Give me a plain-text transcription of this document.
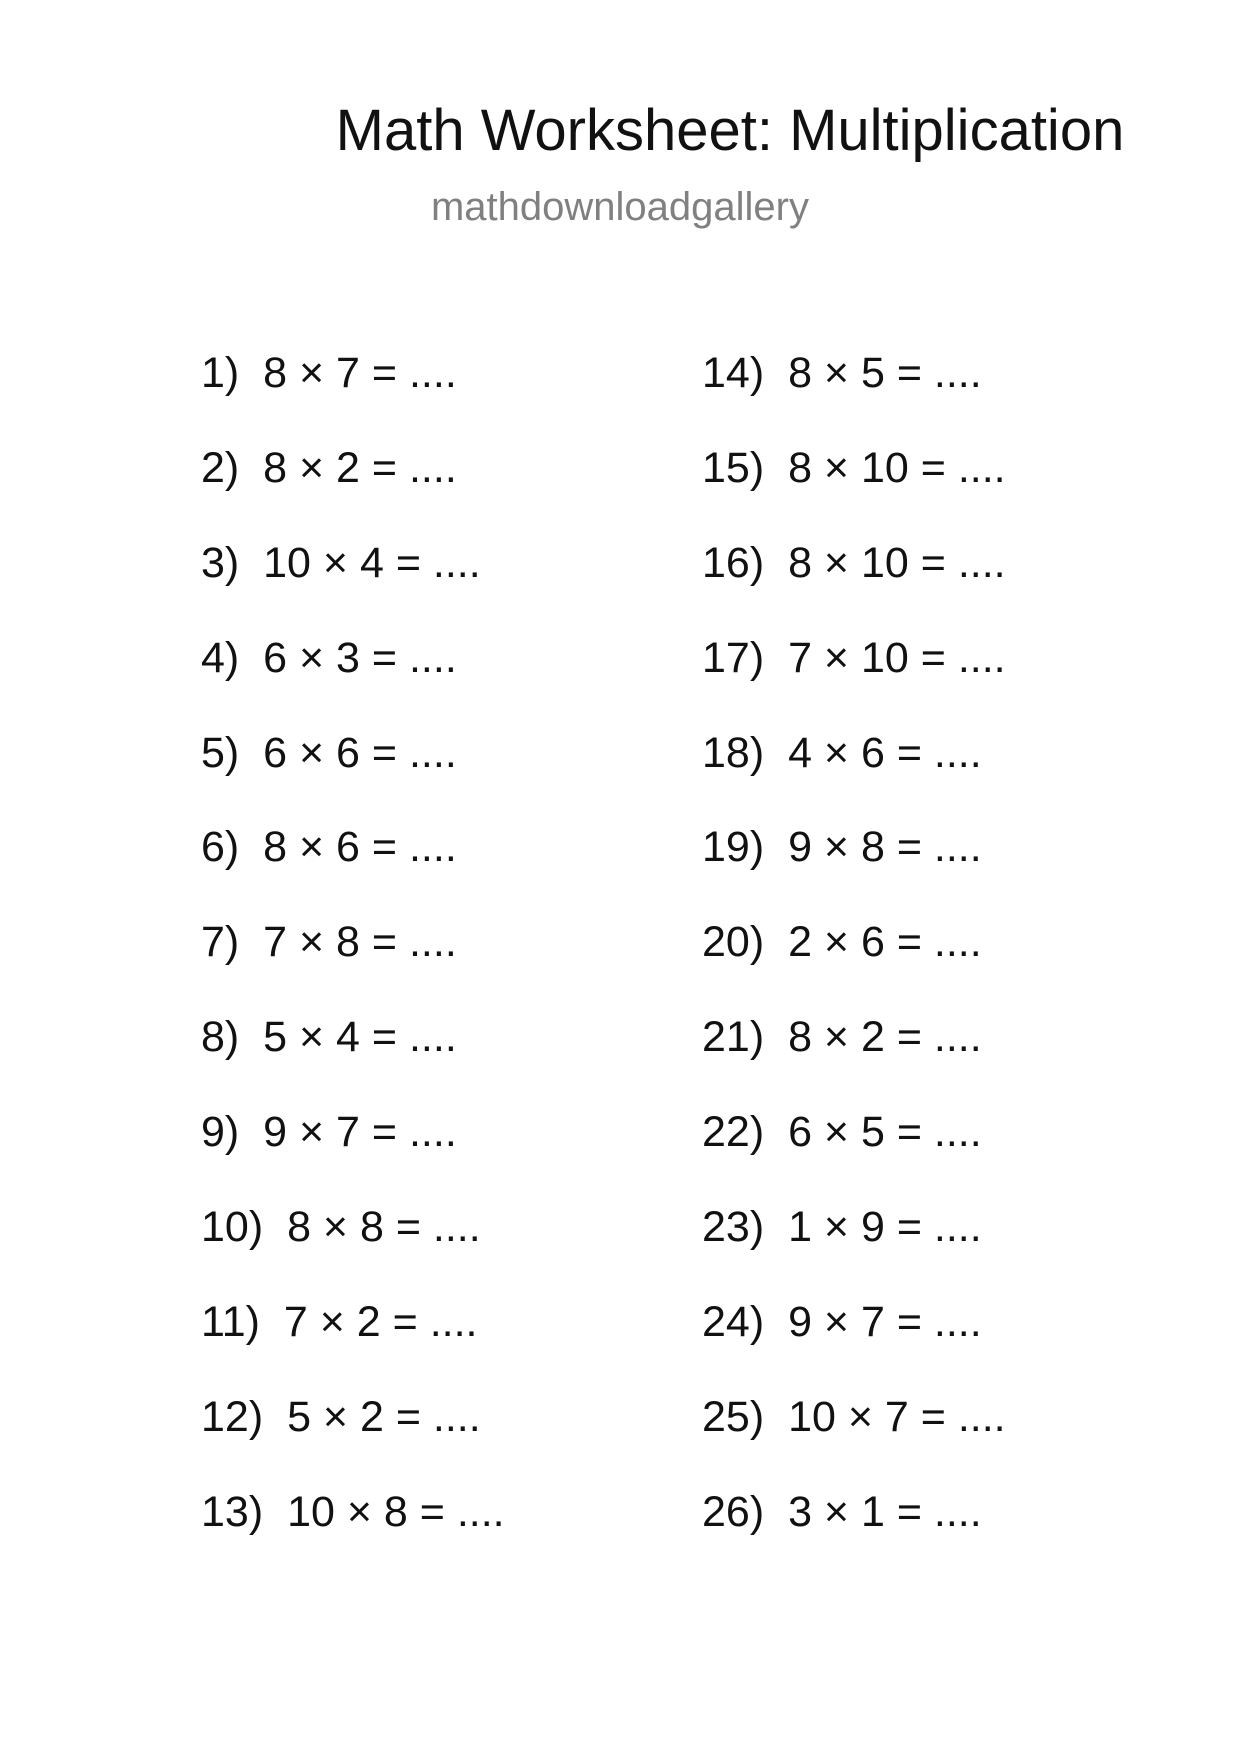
Math Worksheet: Multiplication
mathdownloadgallery
1) 8 × 7 = ....
2) 8 × 2 = ....
3) 10 × 4 = ....
4) 6 × 3 = ....
5) 6 × 6 = ....
6) 8 × 6 = ....
7) 7 × 8 = ....
8) 5 × 4 = ....
9) 9 × 7 = ....
10) 8 × 8 = ....
11) 7 × 2 = ....
12) 5 × 2 = ....
13) 10 × 8 = ....
14) 8 × 5 = ....
15) 8 × 10 = ....
16) 8 × 10 = ....
17) 7 × 10 = ....
18) 4 × 6 = ....
19) 9 × 8 = ....
20) 2 × 6 = ....
21) 8 × 2 = ....
22) 6 × 5 = ....
23) 1 × 9 = ....
24) 9 × 7 = ....
25) 10 × 7 = ....
26) 3 × 1 = ....
